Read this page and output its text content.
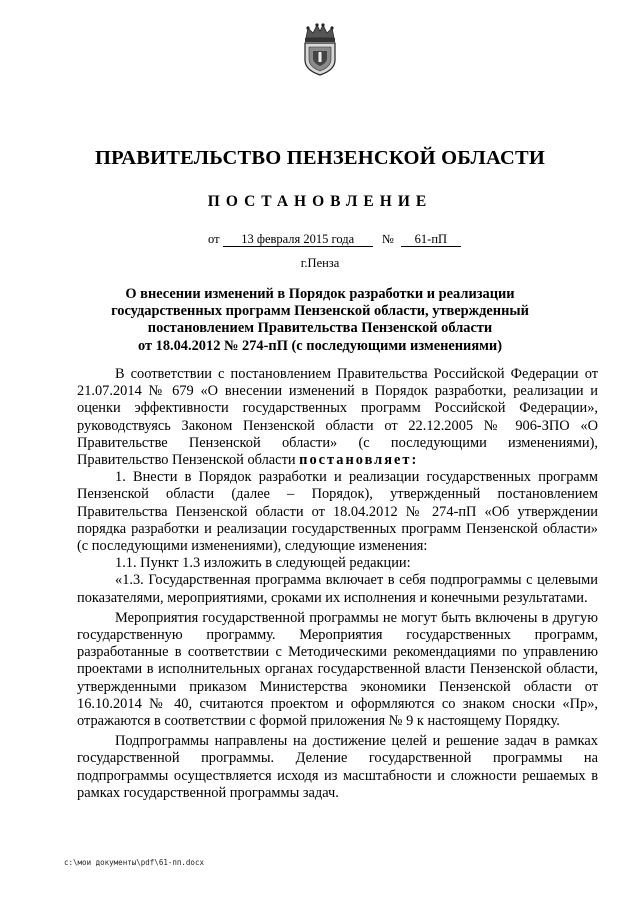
ПРАВИТЕЛЬСТВО ПЕНЗЕНСКОЙ ОБЛАСТИ
ПОСТАНОВЛЕНИЕ
от 13 февраля 2015 года № 61-пП
г.Пенза
О внесении изменений в Порядок разработки и реализации
государственных программ Пензенской области, утвержденный
постановлением Правительства Пензенской области
от 18.04.2012 № 274-пП (с последующими изменениями)

В соответствии с постановлением Правительства Российской Федерации от 21.07.2014 № 679 «О внесении изменений в Порядок разработки, реализации и оценки эффективности государственных программ Российской Федерации», руководствуясь Законом Пензенской области от 22.12.2005 № 906-ЗПО «О Правительстве Пензенской области» (с последующими изменениями), Правительство Пензенской области постановляет:

1. Внести в Порядок разработки и реализации государственных программ Пензенской области (далее – Порядок), утвержденный постановлением Правительства Пензенской области от 18.04.2012 № 274-пП «Об утверждении порядка разработки и реализации государственных программ Пензенской области» (с последующими изменениями), следующие изменения:

1.1. Пункт 1.3 изложить в следующей редакции:

«1.3. Государственная программа включает в себя подпрограммы с целевыми показателями, мероприятиями, сроками их исполнения и конечными результатами.

Мероприятия государственной программы не могут быть включены в другую государственную программу. Мероприятия государственных программ, разработанные в соответствии с Методическими рекомендациями по управлению проектами в исполнительных органах государственной власти Пензенской области, утвержденными приказом Министерства экономики Пензенской области от 16.10.2014 № 40, считаются проектом и оформляются со знаком сноски «Пр», отражаются в соответствии с формой приложения № 9 к настоящему Порядку.

Подпрограммы направлены на достижение целей и решение задач в рамках государственной программы. Деление государственной программы на подпрограммы осуществляется исходя из масштабности и сложности решаемых в рамках государственной программы задач.

c:\мои документы\pdf\61-пп.docx
